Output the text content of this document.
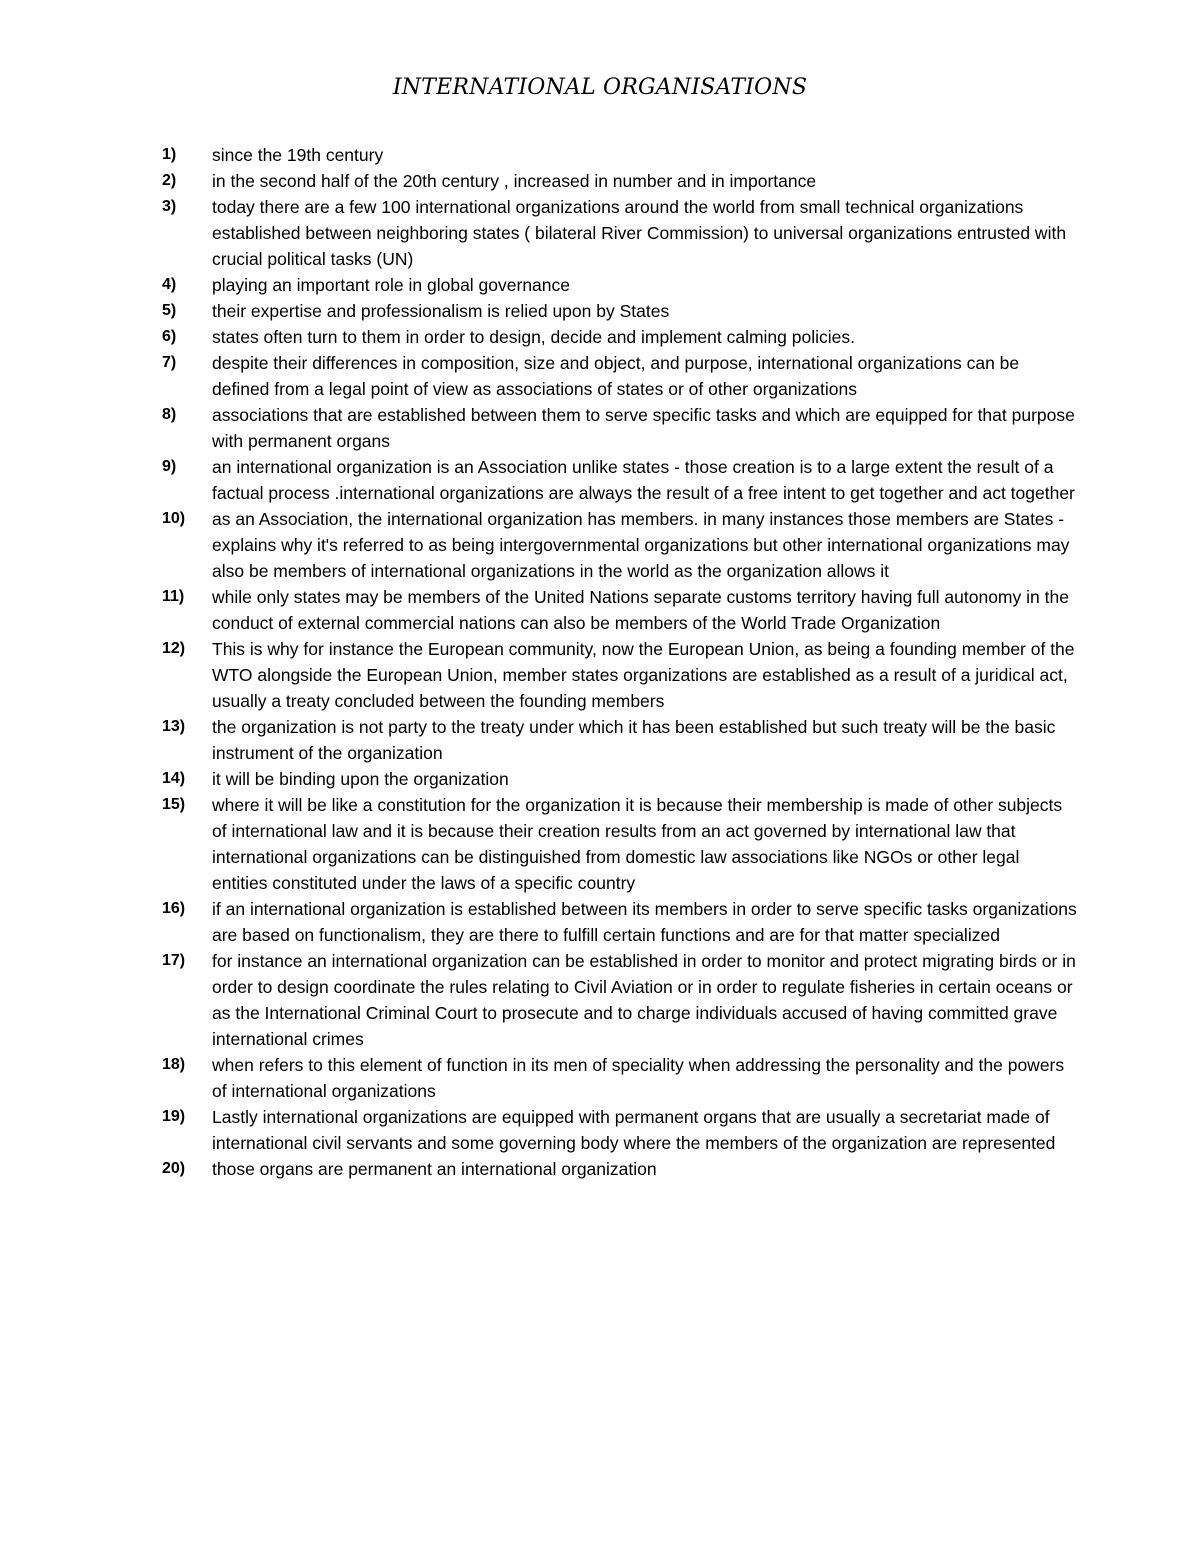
INTERNATIONAL ORGANISATIONS
1)	since the 19th century
2)	in the second half of the 20th century , increased in number and in importance
3)	today there are a few 100 international organizations around the world from small technical organizations established between neighboring states ( bilateral River Commission) to universal organizations entrusted with crucial political tasks (UN)
4)	playing an important role in global governance
5)	their expertise and professionalism is relied upon by States
6)	states often turn to them in order to design, decide and implement calming policies.
7)	despite their differences in composition, size and object, and purpose, international organizations can be defined from a legal point of view as associations of states or of other organizations
8)	associations that are established between them to serve specific tasks and which are equipped for that purpose with permanent organs
9)	an international organization is an Association unlike states - those creation is to a large extent the result of a factual process .international organizations are always the result of a free intent to get together and act together
10)	as an Association, the international organization has members. in many instances those members are States - explains why it's referred to as being intergovernmental organizations but other international organizations may also be members of international organizations in the world as the organization allows it
11)	while only states may be members of the United Nations separate customs territory having full autonomy in the conduct of external commercial nations can also be members of the World Trade Organization
12)	This is why for instance the European community, now the European Union, as being a founding member of the WTO alongside the European Union, member states organizations are established as a result of a juridical act, usually a treaty concluded between the founding members
13)	the organization is not party to the treaty under which it has been established but such treaty will be the basic instrument of the organization
14)	it will be binding upon the organization
15)	where it will be like a constitution for the organization it is because their membership is made of other subjects of international law and it is because their creation results from an act governed by international law that international organizations can be distinguished from domestic law associations like NGOs or other legal entities constituted under the laws of a specific country
16)	if an international organization is established between its members in order to serve specific tasks organizations are based on functionalism, they are there to fulfill certain functions and are for that matter specialized
17)	for instance an international organization can be established in order to monitor and protect migrating birds or in order to design coordinate the rules relating to Civil Aviation or in order to regulate fisheries in certain oceans or as the International Criminal Court to prosecute and to charge individuals accused of having committed grave international crimes
18)	when refers to this element of function in its men of speciality when addressing the personality and the powers of international organizations
19)	Lastly international organizations are equipped with permanent organs that are usually a secretariat made of international civil servants and some governing body where the members of the organization are represented
20)	those organs are permanent an international organization
